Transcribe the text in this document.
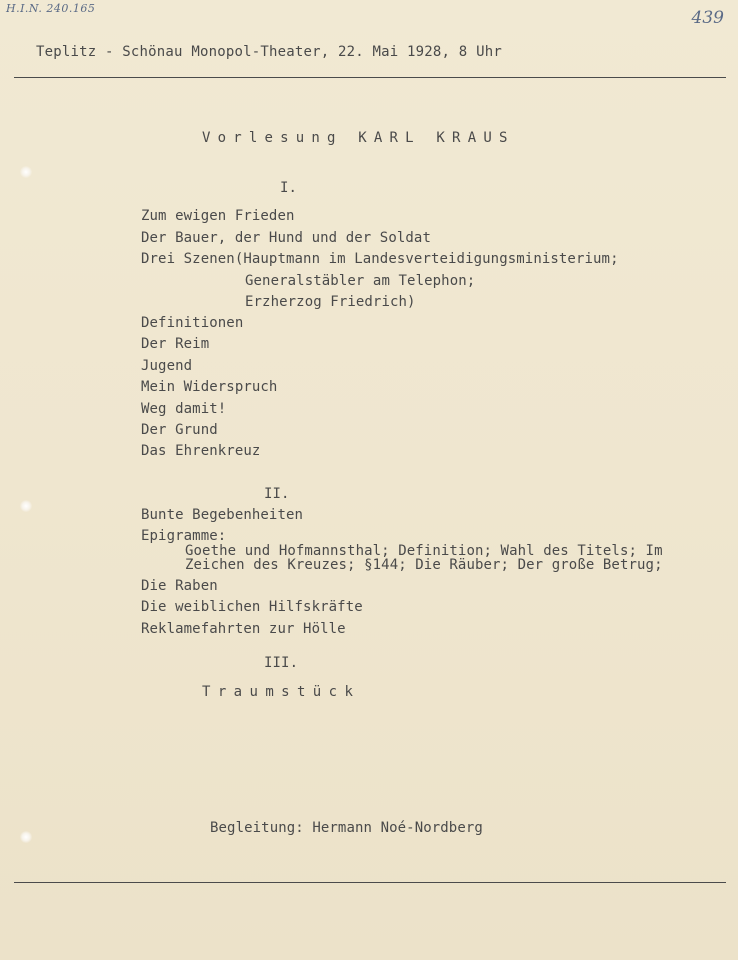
H.I.N. 240.165	439
Teplitz - Schönau Monopol-Theater, 22. Mai 1928, 8 Uhr
Vorlesung KARL KRAUS
I.
Zum ewigen Frieden
Der Bauer, der Hund und der Soldat
Drei Szenen(Hauptmann im Landesverteidigungsministerium;
Generalstäbler am Telephon;
Erzherzog Friedrich)
Definitionen
Der Reim
Jugend
Mein Widerspruch
Weg damit!
Der Grund
Das Ehrenkreuz
II.
Bunte Begebenheiten
Epigramme:
Goethe und Hofmannsthal; Definition; Wahl des Titels; Im
Zeichen des Kreuzes; §144; Die Räuber; Der große Betrug;
Die Raben
Die weiblichen Hilfskräfte
Reklamefahrten zur Hölle
III.
Traumstück
Begleitung: Hermann Noé-Nordberg
